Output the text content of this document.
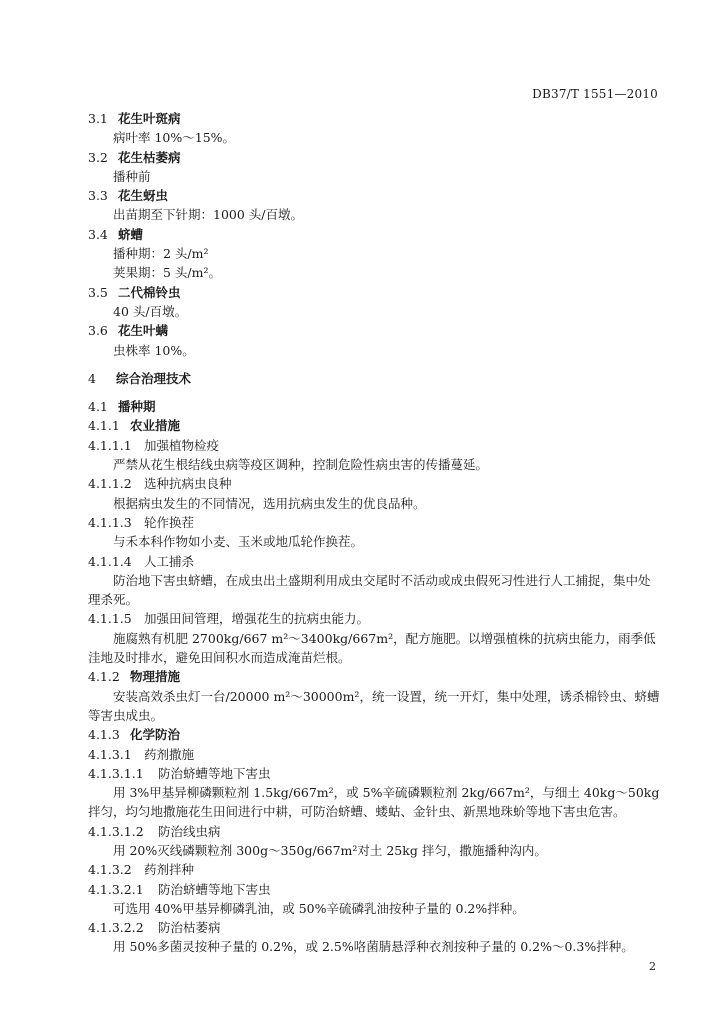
DB37/T 1551—2010
3.1 花生叶斑病
病叶率 10%～15%。
3.2 花生枯萎病
播种前
3.3 花生蚜虫
出苗期至下针期：1000 头/百墩。
3.4 蛴螬
播种期：2 头/m²
荚果期：5 头/m²。
3.5 二代棉铃虫
40 头/百墩。
3.6 花生叶螨
虫株率 10%。
4 综合治理技术
4.1 播种期
4.1.1 农业措施
4.1.1.1 加强植物检疫
严禁从花生根结线虫病等疫区调种，控制危险性病虫害的传播蔓延。
4.1.1.2 选种抗病虫良种
根据病虫发生的不同情况，选用抗病虫发生的优良品种。
4.1.1.3 轮作换茬
与禾本科作物如小麦、玉米或地瓜轮作换茬。
4.1.1.4 人工捕杀
防治地下害虫蛴螬，在成虫出土盛期利用成虫交尾时不活动或成虫假死习性进行人工捕捉，集中处理杀死。
4.1.1.5 加强田间管理，增强花生的抗病虫能力。
施腐熟有机肥 2700kg/667 m²～3400kg/667m²，配方施肥。以增强植株的抗病虫能力，雨季低洼地及时排水，避免田间积水而造成淹苗烂根。
4.1.2 物理措施
安装高效杀虫灯一台/20000 m²～30000m²，统一设置，统一开灯，集中处理，诱杀棉铃虫、蛴螬等害虫成虫。
4.1.3 化学防治
4.1.3.1 药剂撒施
4.1.3.1.1 防治蛴螬等地下害虫
用 3%甲基异柳磷颗粒剂 1.5kg/667m²，或 5%辛硫磷颗粒剂 2kg/667m²，与细土 40kg～50kg 拌匀，均匀地撒施花生田间进行中耕，可防治蛴螬、蝼蛄、金针虫、新黑地珠蚧等地下害虫危害。
4.1.3.1.2 防治线虫病
用 20%灭线磷颗粒剂 300g～350g/667m²对土 25kg 拌匀，撒施播种沟内。
4.1.3.2 药剂拌种
4.1.3.2.1 防治蛴螬等地下害虫
可选用 40%甲基异柳磷乳油，或 50%辛硫磷乳油按种子量的 0.2%拌种。
4.1.3.2.2 防治枯萎病
用 50%多菌灵按种子量的 0.2%，或 2.5%咯菌腈悬浮种衣剂按种子量的 0.2%～0.3%拌种。
2
